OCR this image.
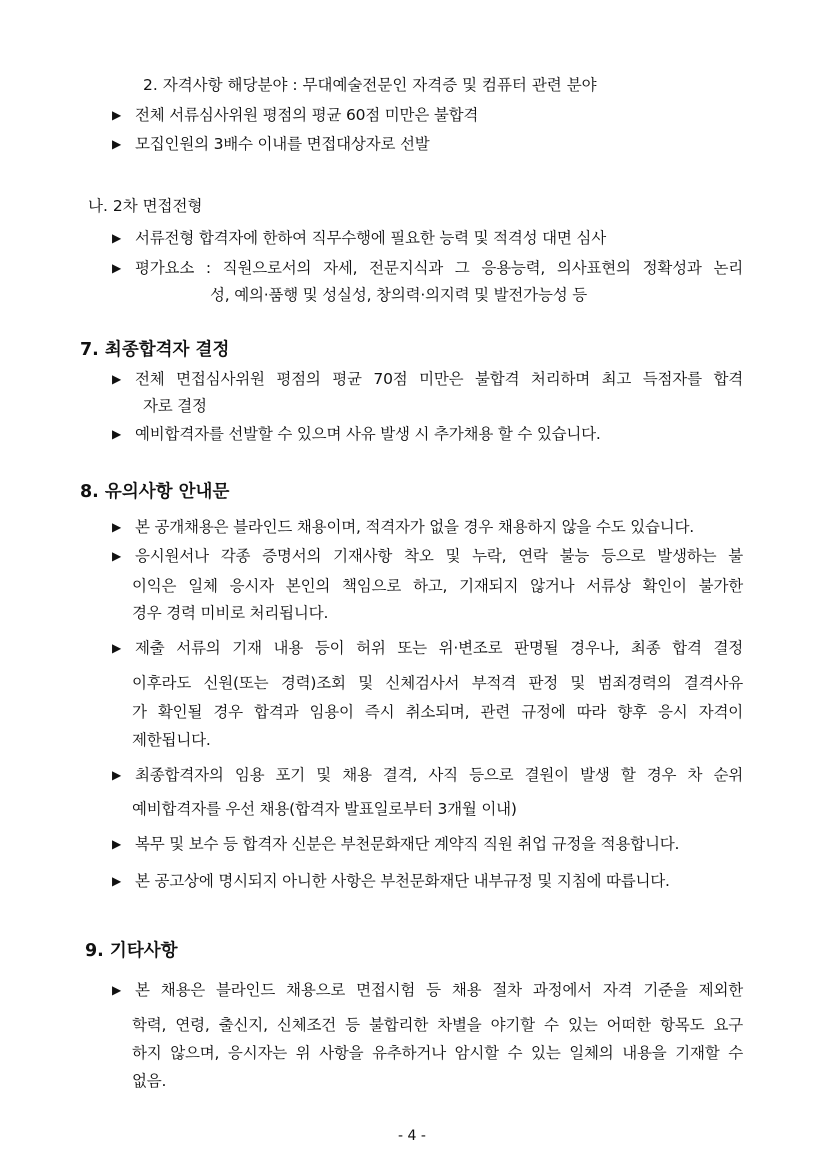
2. 자격사항 해당분야 : 무대예술전문인 자격증 및 컴퓨터 관련 분야
▶ 전체 서류심사위원 평점의 평균 60점 미만은 불합격
▶ 모집인원의 3배수 이내를 면접대상자로 선발
나. 2차 면접전형
▶ 서류전형 합격자에 한하여 직무수행에 필요한 능력 및 적격성 대면 심사
▶ 평가요소 : 직원으로서의 자세, 전문지식과 그 응용능력, 의사표현의 정확성과 논리
성, 예의·품행 및 성실성, 창의력·의지력 및 발전가능성 등
7. 최종합격자 결정
▶ 전체 면접심사위원 평점의 평균 70점 미만은 불합격 처리하며 최고 득점자를 합격
자로 결정
▶ 예비합격자를 선발할 수 있으며 사유 발생 시 추가채용 할 수 있습니다.
8. 유의사항 안내문
▶ 본 공개채용은 블라인드 채용이며, 적격자가 없을 경우 채용하지 않을 수도 있습니다.
▶ 응시원서나 각종 증명서의 기재사항 착오 및 누락, 연락 불능 등으로 발생하는 불
이익은 일체 응시자 본인의 책임으로 하고, 기재되지 않거나 서류상 확인이 불가한
경우 경력 미비로 처리됩니다.
▶ 제출 서류의 기재 내용 등이 허위 또는 위·변조로 판명될 경우나, 최종 합격 결정
이후라도 신원(또는 경력)조회 및 신체검사서 부적격 판정 및 범죄경력의 결격사유
가 확인될 경우 합격과 임용이 즉시 취소되며, 관련 규정에 따라 향후 응시 자격이
제한됩니다.
▶ 최종합격자의 임용 포기 및 채용 결격, 사직 등으로 결원이 발생 할 경우 차 순위
예비합격자를 우선 채용(합격자 발표일로부터 3개월 이내)
▶ 복무 및 보수 등 합격자 신분은 부천문화재단 계약직 직원 취업 규정을 적용합니다.
▶ 본 공고상에 명시되지 아니한 사항은 부천문화재단 내부규정 및 지침에 따릅니다.
9. 기타사항
▶ 본 채용은 블라인드 채용으로 면접시험 등 채용 절차 과정에서 자격 기준을 제외한
학력, 연령, 출신지, 신체조건 등 불합리한 차별을 야기할 수 있는 어떠한 항목도 요구
하지 않으며, 응시자는 위 사항을 유추하거나 암시할 수 있는 일체의 내용을 기재할 수
없음.
- 4 -
